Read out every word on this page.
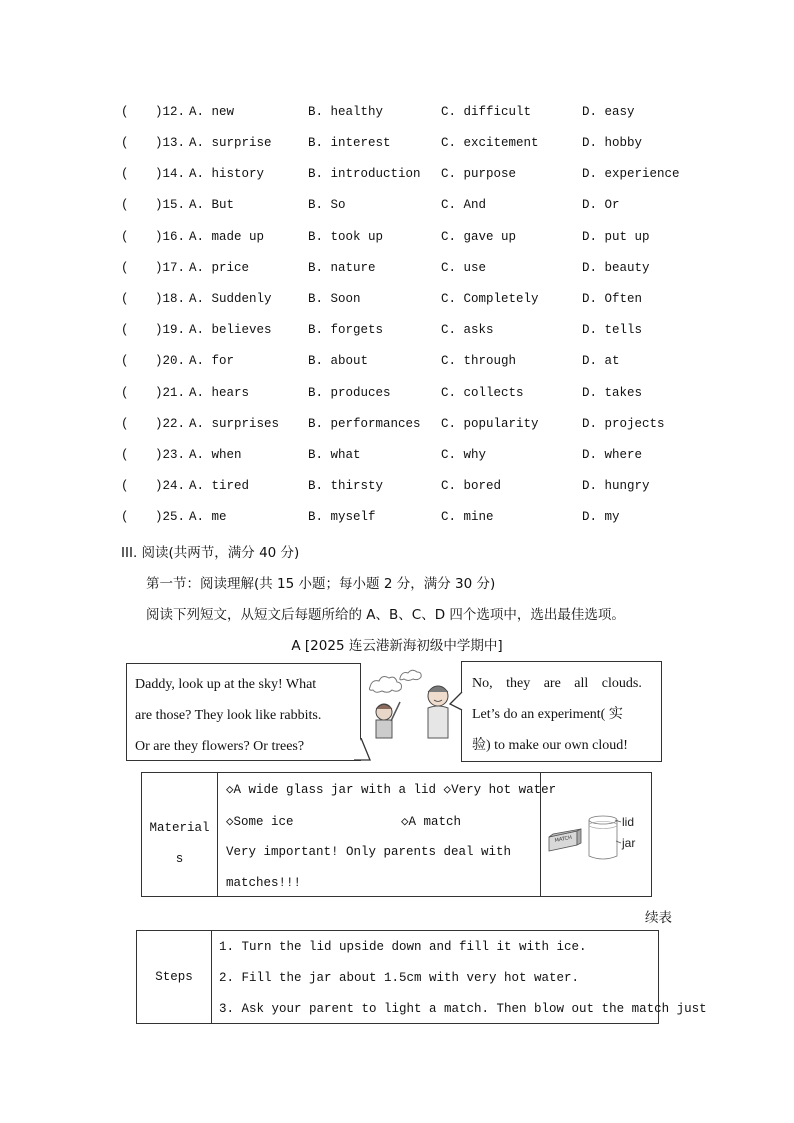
( )12. A. new	B. healthy	C. difficult	D. easy
( )13. A. surprise	B. interest	C. excitement	D. hobby
( )14. A. history	B. introduction C. purpose	D. experience
( )15. A. But	B. So	C. And	D. Or
( )16. A. made up	B. took up	C. gave up	D. put up
( )17. A. price	B. nature	C. use	D. beauty
( )18. A. Suddenly	B. Soon	C. Completely	D. Often
( )19. A. believes	B. forgets	C. asks	D. tells
( )20. A. for	B. about	C. through	D. at
( )21. A. hears	B. produces	C. collects	D. takes
( )22. A. surprises B. performances C. popularity	D. projects
( )23. A. when	B. what	C. why	D. where
( )24. A. tired	B. thirsty	C. bored	D. hungry
( )25. A. me	B. myself	C. mine	D. my
III. 阅读(共两节，满分 40 分)
第一节：阅读理解(共 15 小题；每小题 2 分，满分 30 分)
阅读下列短文，从短文后每题所给的 A、B、C、D 四个选项中，选出最佳选项。
A [2025 连云港新海初级中学期中]
Daddy, look up at the sky! What
are those? They look like rabbits.
Or are they flowers? Or trees?
No, they are all clouds.
Let’s do an experiment( 实
验) to make our own cloud!
Material
s
◇A wide glass jar with a lid ◇Very hot water
◇Some ice	◇A match
Very important! Only parents deal with
matches!!!
MATCH
lid
jar
续表
Steps
1. Turn the lid upside down and fill it with ice.
2. Fill the jar about 1.5cm with very hot water.
3. Ask your parent to light a match. Then blow out the match just
